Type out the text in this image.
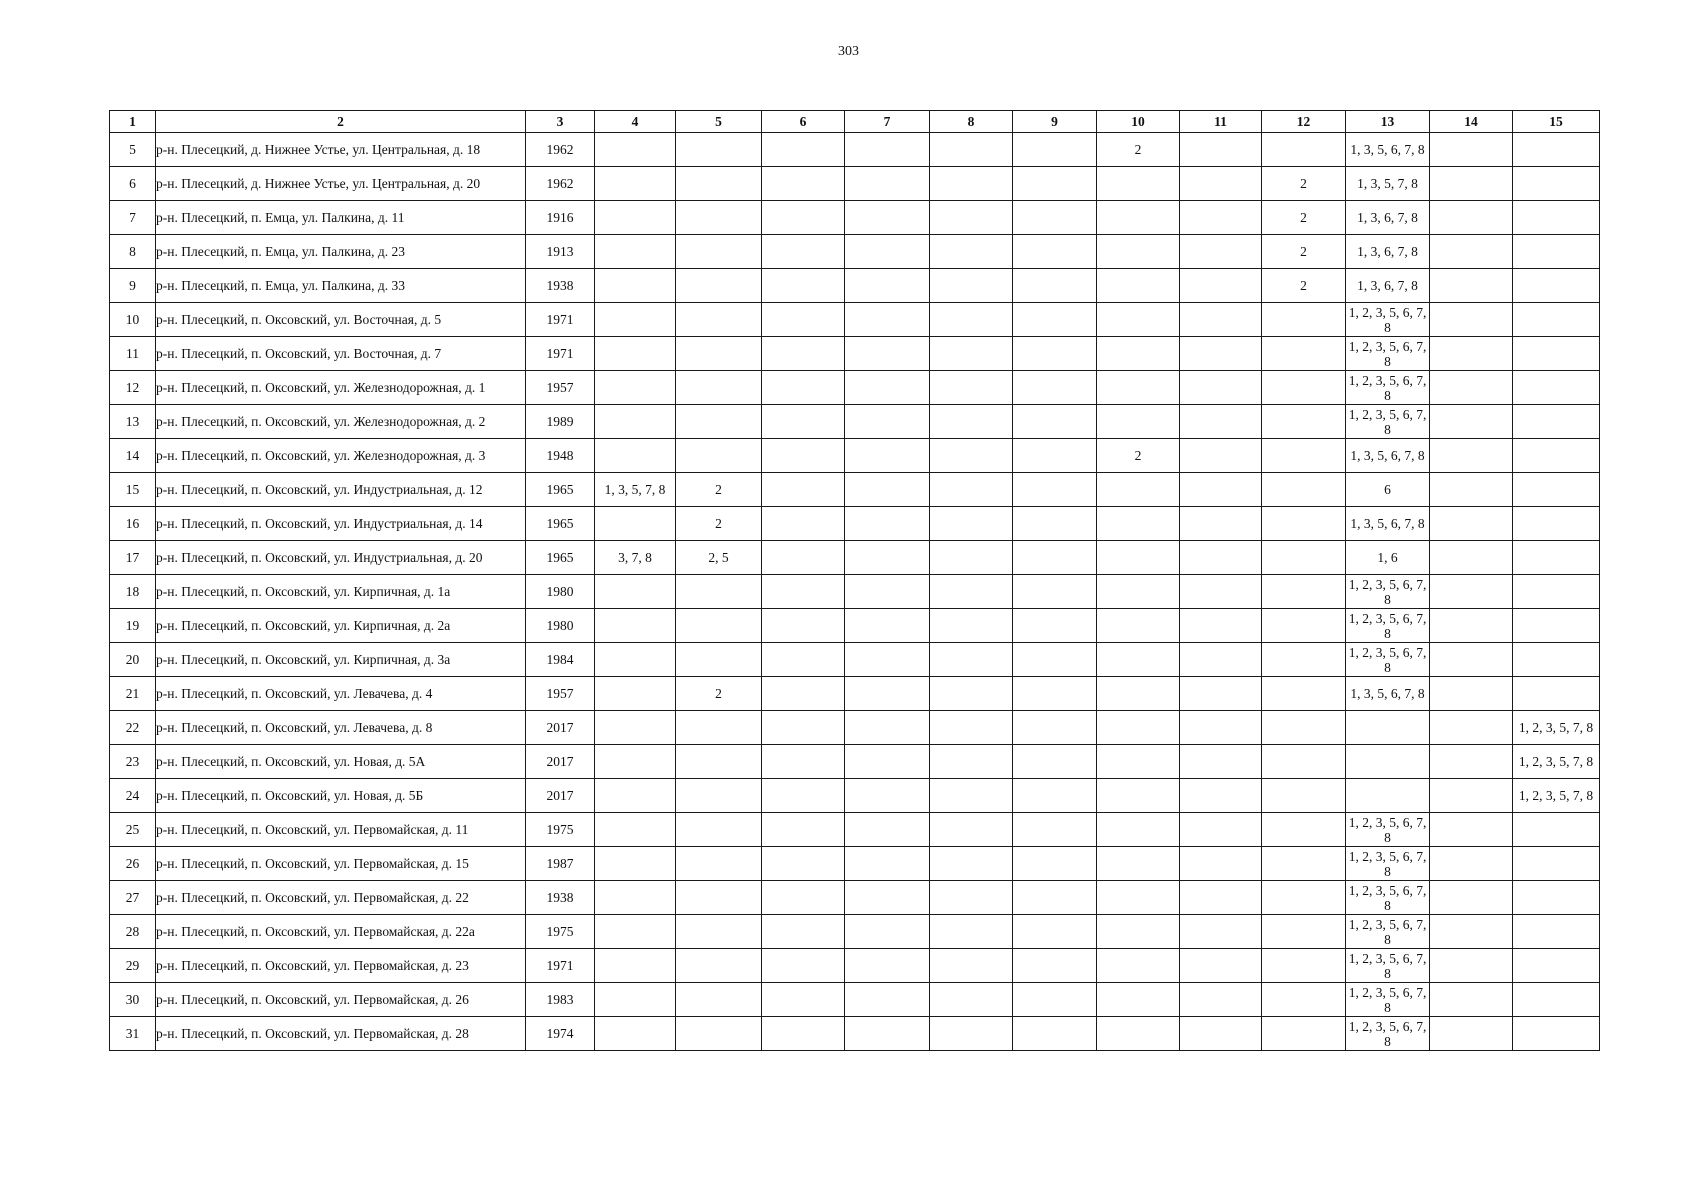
303
1	2	3	4	5	6	7	8	9	10	11	12	13	14	15
5	р-н. Плесецкий, д. Нижнее Устье, ул. Центральная, д. 18	1962							2			1, 3, 5, 6, 7, 8		
6	р-н. Плесецкий, д. Нижнее Устье, ул. Центральная, д. 20	1962									2	1, 3, 5, 7, 8		
7	р-н. Плесецкий, п. Емца, ул. Палкина, д. 11	1916									2	1, 3, 6, 7, 8		
8	р-н. Плесецкий, п. Емца, ул. Палкина, д. 23	1913									2	1, 3, 6, 7, 8		
9	р-н. Плесецкий, п. Емца, ул. Палкина, д. 33	1938									2	1, 3, 6, 7, 8		
10	р-н. Плесецкий, п. Оксовский, ул. Восточная, д. 5	1971										1, 2, 3, 5, 6, 7, 8		
11	р-н. Плесецкий, п. Оксовский, ул. Восточная, д. 7	1971										1, 2, 3, 5, 6, 7, 8		
12	р-н. Плесецкий, п. Оксовский, ул. Железнодорожная, д. 1	1957										1, 2, 3, 5, 6, 7, 8		
13	р-н. Плесецкий, п. Оксовский, ул. Железнодорожная, д. 2	1989										1, 2, 3, 5, 6, 7, 8		
14	р-н. Плесецкий, п. Оксовский, ул. Железнодорожная, д. 3	1948							2			1, 3, 5, 6, 7, 8		
15	р-н. Плесецкий, п. Оксовский, ул. Индустриальная, д. 12	1965	1, 3, 5, 7, 8	2								6		
16	р-н. Плесецкий, п. Оксовский, ул. Индустриальная, д. 14	1965		2								1, 3, 5, 6, 7, 8		
17	р-н. Плесецкий, п. Оксовский, ул. Индустриальная, д. 20	1965	3, 7, 8	2, 5								1, 6		
18	р-н. Плесецкий, п. Оксовский, ул. Кирпичная, д. 1а	1980										1, 2, 3, 5, 6, 7, 8		
19	р-н. Плесецкий, п. Оксовский, ул. Кирпичная, д. 2а	1980										1, 2, 3, 5, 6, 7, 8		
20	р-н. Плесецкий, п. Оксовский, ул. Кирпичная, д. 3а	1984										1, 2, 3, 5, 6, 7, 8		
21	р-н. Плесецкий, п. Оксовский, ул. Левачева, д. 4	1957		2								1, 3, 5, 6, 7, 8		
22	р-н. Плесецкий, п. Оксовский, ул. Левачева, д. 8	2017												1, 2, 3, 5, 7, 8
23	р-н. Плесецкий, п. Оксовский, ул. Новая, д. 5А	2017												1, 2, 3, 5, 7, 8
24	р-н. Плесецкий, п. Оксовский, ул. Новая, д. 5Б	2017												1, 2, 3, 5, 7, 8
25	р-н. Плесецкий, п. Оксовский, ул. Первомайская, д. 11	1975										1, 2, 3, 5, 6, 7, 8		
26	р-н. Плесецкий, п. Оксовский, ул. Первомайская, д. 15	1987										1, 2, 3, 5, 6, 7, 8		
27	р-н. Плесецкий, п. Оксовский, ул. Первомайская, д. 22	1938										1, 2, 3, 5, 6, 7, 8		
28	р-н. Плесецкий, п. Оксовский, ул. Первомайская, д. 22а	1975										1, 2, 3, 5, 6, 7, 8		
29	р-н. Плесецкий, п. Оксовский, ул. Первомайская, д. 23	1971										1, 2, 3, 5, 6, 7, 8		
30	р-н. Плесецкий, п. Оксовский, ул. Первомайская, д. 26	1983										1, 2, 3, 5, 6, 7, 8		
31	р-н. Плесецкий, п. Оксовский, ул. Первомайская, д. 28	1974										1, 2, 3, 5, 6, 7, 8		
